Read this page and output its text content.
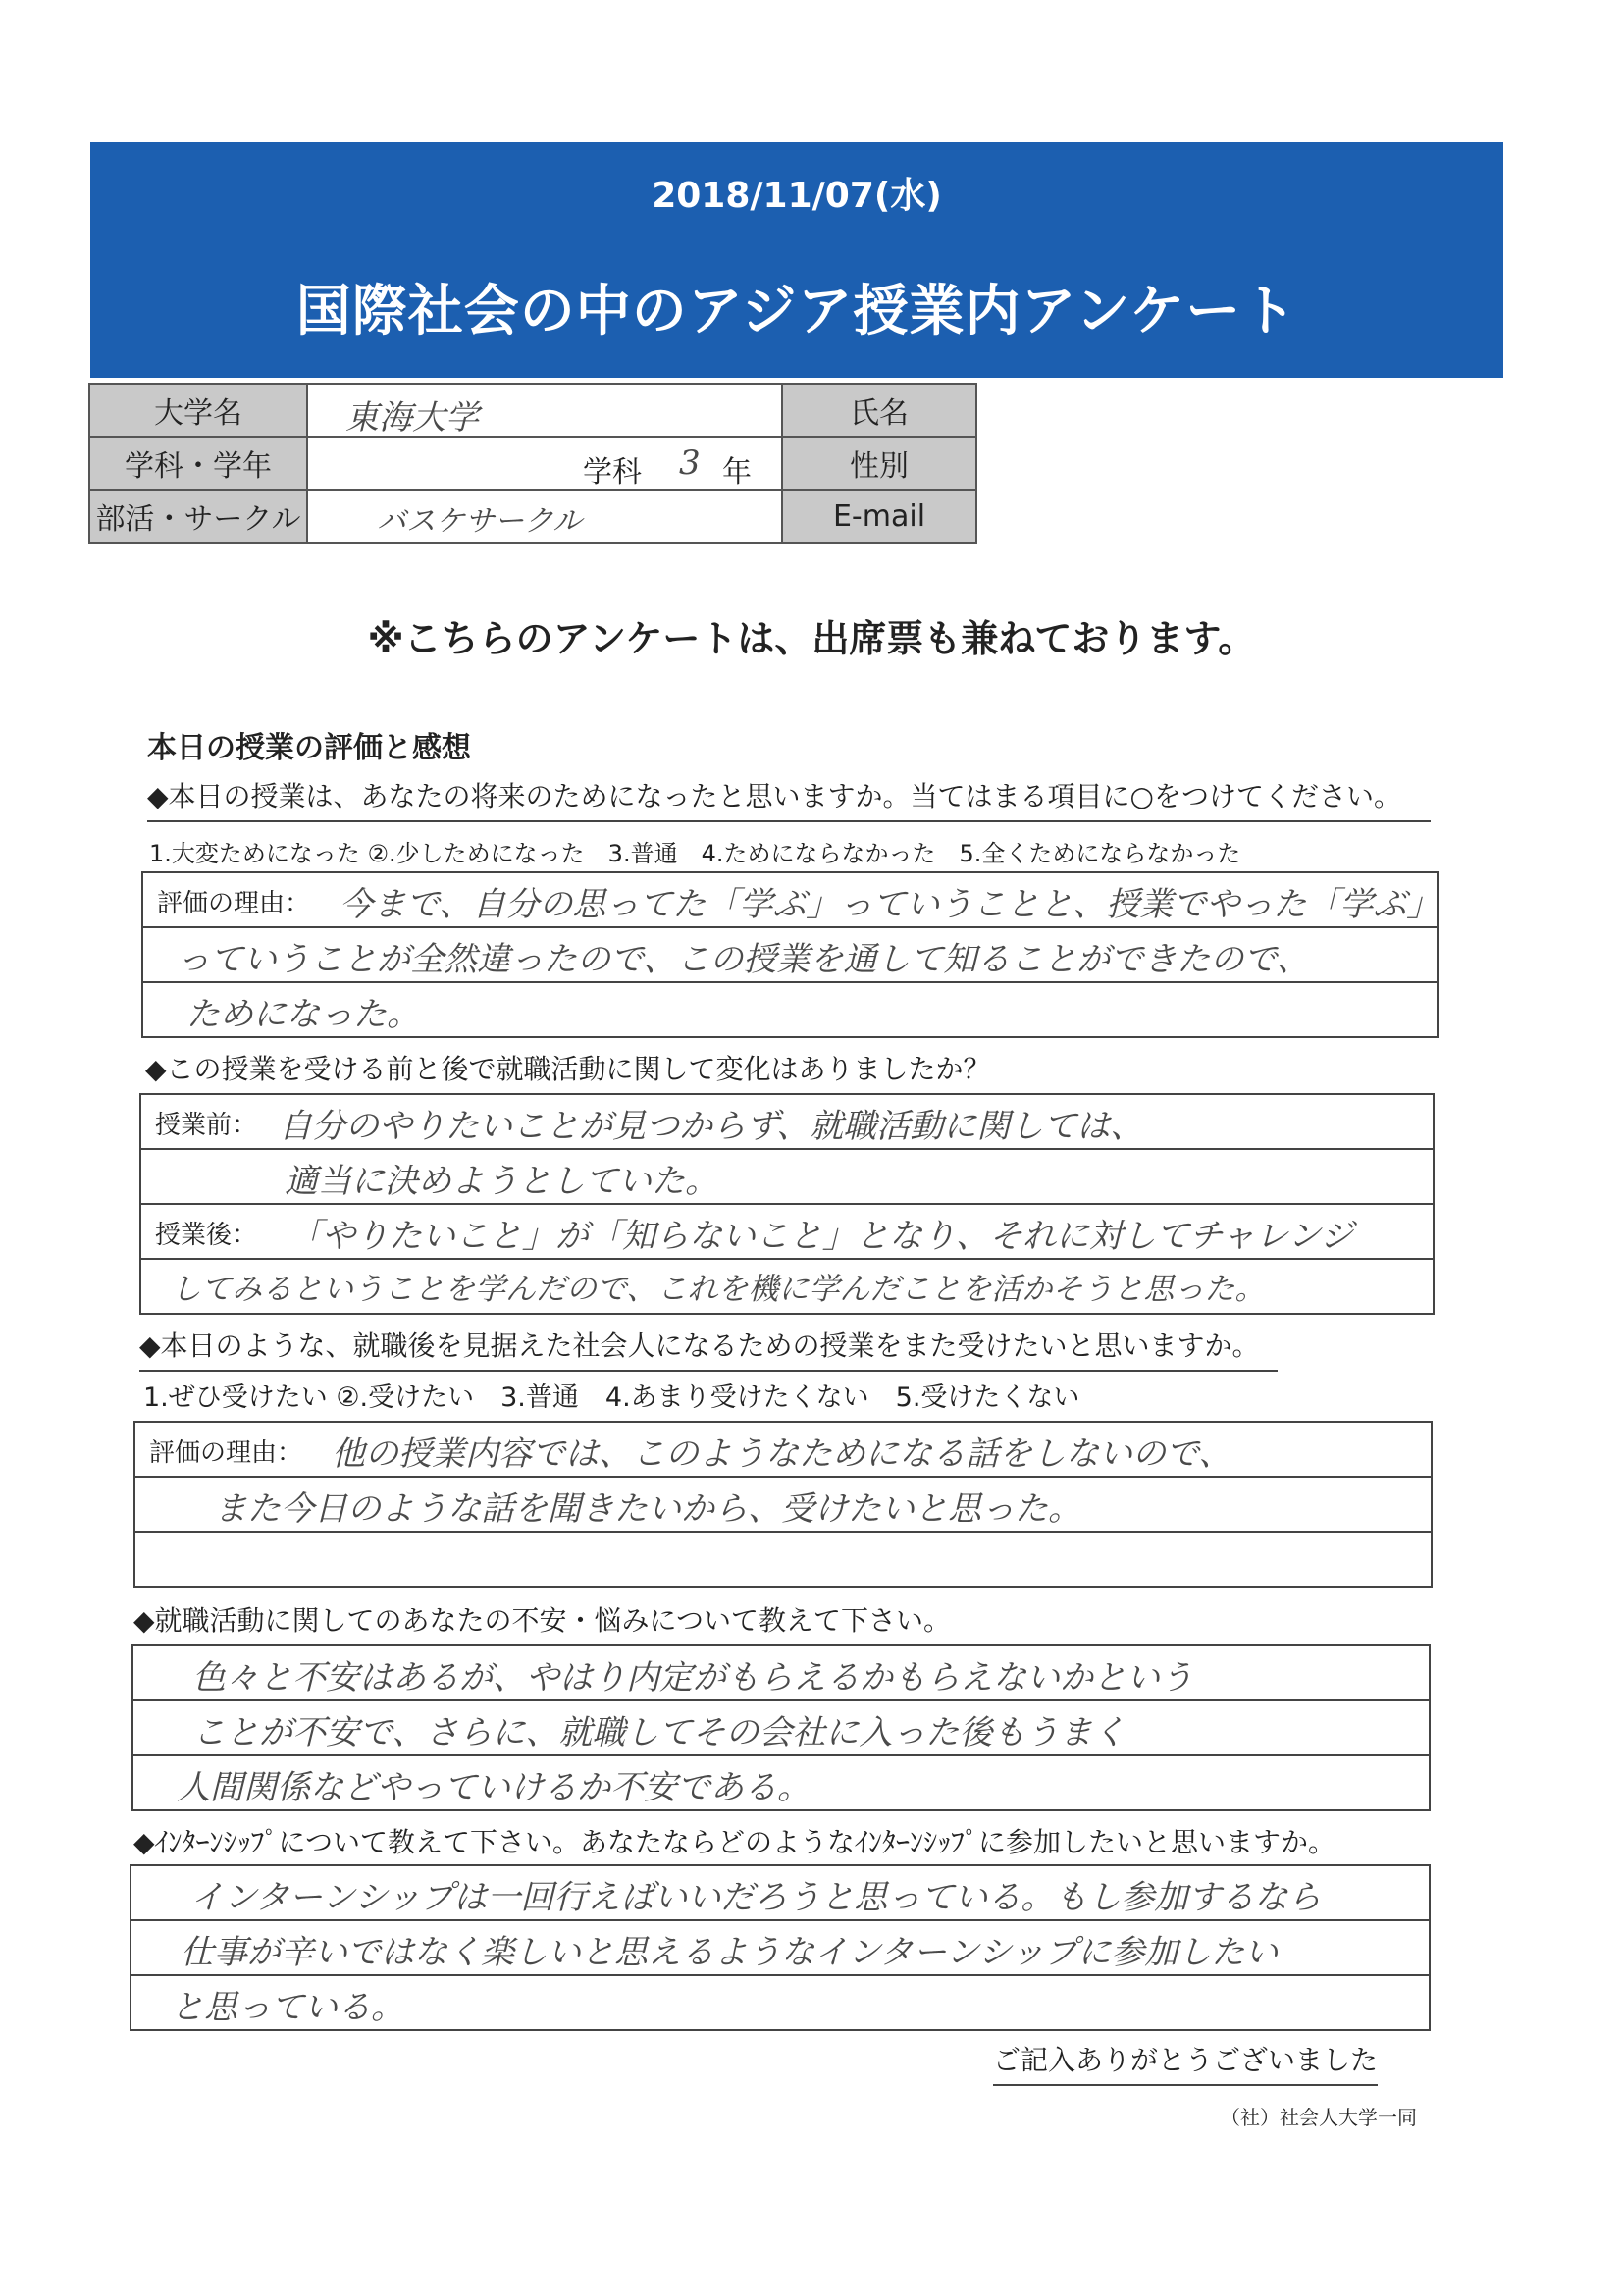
2018/11/07(水)
国際社会の中のアジア授業内アンケート
大学名	東海大学	氏名
学科・学年	学科 3 年	性別
部活・サークル	バスケサークル	E-mail
※こちらのアンケートは、出席票も兼ねております。
本日の授業の評価と感想
◆本日の授業は、あなたの将来のためになったと思いますか。当てはまる項目に○をつけてください。
1.大変ためになった ②.少しためになった　3.普通　4.ためにならなかった　5.全くためにならなかった
評価の理由： 今まで、自分の思ってた「学ぶ」っていうことと、授業でやった「学ぶ」
っていうことが全然違ったので、この授業を通して知ることができたので、
ためになった。
◆この授業を受ける前と後で就職活動に関して変化はありましたか？
授業前： 自分のやりたいことが見つからず、就職活動に関しては、
適当に決めようとしていた。
授業後： 「やりたいこと」が「知らないこと」となり、それに対してチャレンジ
してみるということを学んだので、これを機に学んだことを活かそうと思った。
◆本日のような、就職後を見据えた社会人になるための授業をまた受けたいと思いますか。
1.ぜひ受けたい ②.受けたい　3.普通　4.あまり受けたくない　5.受けたくない
評価の理由： 他の授業内容では、このようなためになる話をしないので、
また今日のような話を聞きたいから、受けたいと思った。
◆就職活動に関してのあなたの不安・悩みについて教えて下さい。
色々と不安はあるが、やはり内定がもらえるかもらえないかという
ことが不安で、さらに、就職してその会社に入った後もうまく
人間関係などやっていけるか不安である。
◆ｲﾝﾀｰﾝｼｯﾌﾟについて教えて下さい。あなたならどのようなｲﾝﾀｰﾝｼｯﾌﾟに参加したいと思いますか。
インターンシップは一回行えばいいだろうと思っている。もし参加するなら
仕事が辛いではなく楽しいと思えるようなインターンシップに参加したい
と思っている。
ご記入ありがとうございました
（社）社会人大学一同
